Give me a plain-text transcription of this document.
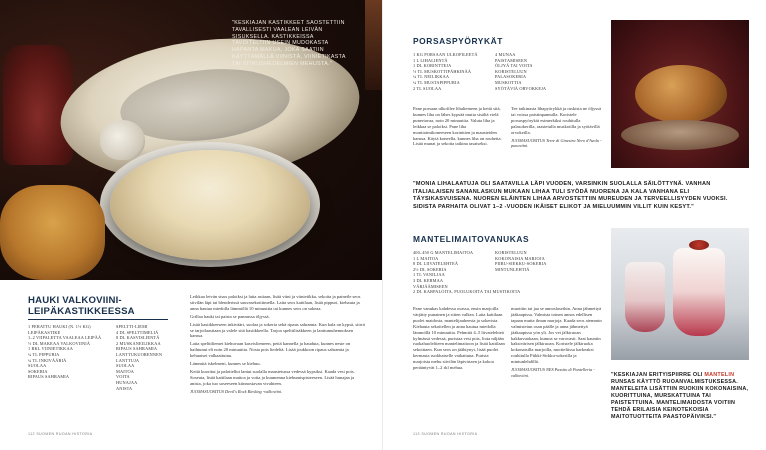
"KESKIAJAN KASTIKKEET SAOSTETTIIN TAVALLISESTI VAALEAN LEIVÄN SISUKSELLA. KASTIKKEISSA TAVOITELTIIN USEIN MUDOKASTA HAPANTA MAKUA, JOKA SAATIIN KÄYTTÄMÄLLÄ VIINISTÄ, VIINIETIKASTA TAI SITRUSHEDELMIEN MEHUSTA."
HAUKI VALKOVIINI-
LEIPÄKASTIKKEESSA
1 PERATTU HAUKI (N. 1½ KG)
LEIPÄKASTIKE
1–2 VIIPALETTA VAALEAA LEIPÄÄ
½ DL MAKEAA VALKOVIINIÄ
1 RKL VIINIETIKKAA
¼ TL PIPPURIA
¼ TL INKIVÄÄRIÄ
SUOLAA
SOKERIA
RIPAUS SAHRAMIA
SPELTTI-LIEMI
4 DL SPELTTIMELIÄ
8 DL KASVISLIENTÄ
2 MUSKANEILIKKAA
RIPAUS SAHRAMIA
LANTTUKUORENNEN
LANTTUJA
SUOLAA
MAITOA
VOITA
HUNAJAA
ANISTA

Leikkaa leivän sisus paloiksi ja laita astiaan, lisää viini ja viinietikka, sekoita ja paineile seos siivilän läpi tai blenderissä sauvasekoittimella. Laita seos kattilaan, lisää pippuri, kiehauta ja anna hautua miedolla lämmöllä 10 minuuttia tai kunnes seos on sakeaa.

Grillaa hauki tai paista se pannussa öljyssä.

Lisää kastikkeeseen inkivääri, suolaa ja sokeria sekä ripaus sahramia. Kun kala on kypsä, siirrä se tarjoilaastiaan ja valele sitä kastikkeella. Tarjoa spelttilisäkkeen ja lanttumuhennoksen kanssa.

Laita speltitliemet kiehuvaan kasvisliemeen, peitä kannella ja hauduta, kunnes neste on haihtunut eli noin 20 minuuttia. Nosta pois liedeltä. Lisää joukkoon ripaus sahramia ja kehuaiset valkaattuina.

Lämmitä iskelmeni, kunnes se kiehuu.

Keitä kuoritut ja paloitellut lantut suolalla maustetussa vedessä kypsiksi. Kaada vesi pois. Soseuta, lisää kattilaan maitoa ja voita ja kuumenna kiehumispisteeseen. Lisää hunajaa ja anista, joka tuo soseeseen kiinnostavan vivahteen.

JUOMASUOSITUS Devil's Rock Riesling -valkoviini.

112 SUOMEN RUOAN HISTORIA
PORSASPYÖRYKÄT
1 KG PORSAAN ULKOFILEETÄ
1 L LIHALIENTÄ
1 DL KORINTTEJA
½ TL MUSKOTTIPÄHKINÄÄ
¼ TL NEILIKKAA
¼ TL MUSTAPIPPURIA
2 TL SUOLAA
4 MUNAA
PAISTAMISEEN
ÖLJYÄ TAI VOITA
KORISTELUUN
PALASOKERIA
MUSKOTTIA
SYÖTÄVIÄ ORVOKKEJA

Pane porsaan ulkofilee lihaliemeen ja keitä sitä, kunnes liha on lähes kypsää mutta sisältä vielä punertavaa, noin 20 minuuttia. Valuta liha ja leikkaa se paloiksi. Pane liha monitoimikoneeseen korinttien ja mausteiden kanssa. Käytä koneella, kunnes liha on rouhetta. Lisää munat ja sekoita taikina tasaiseksi.

Tee taikinasta lihapyörykkä ja ruskista ne öljyssä tai voissa paistinpannulla. Koristele porsaspyörykät esimerkiksi rouhitulla palasokerilla, raastetulla muskotilla ja syötävillä orvokeilla.

JUOMASUOSITUS Terre di Ginestra Nero d'Avola -punaviini.

"MONIA LIHALAATUJA OLI SAATAVILLA LÄPI VUODEN, VARSINKIN SUOLALLA SÄILÖTTYNÄ. VANHAN ITALIALAISEN SANANLASKUN MUKAAN LIHAA TULI SYÖDÄ NUORENA JA KALA VANHANA ELI TÄYSIKASVUISENA. NUOREN ELÄINTEN LIHAA ARVOSTETTIIN MUREUDEN JA TERVEELLISYYDEN VUOKSI. SIDISTA PARHAITA OLIVAT 1–2 -VUODEN IKÄISET ELIKOT JA MIELUUMMIN VILLIT KUIN KESYT."
MANTELIMAITOVANUKAS
400–450 G MANTELIMAITOA
1 L MAITOA
8 DL LIIVATELEHTEÄ
2½ DL SOKERIA
1 TL VANILJAA
3 DL KERMAA
VÄRJÄÄMISEEN
2 DL KARPALOITA, PUOLUKOITA TAI MUSTIKOITA
KORISTELUUN
KOKONAISIA MARJOJA
PIIRU-SIEKKU-SOKERIA
MINTUNLEHTIÄ

Pane vanukas kahdessa osassa, ensin marjoilla värjätty punainen ja sitten valkea. Laita kattilaan puolet maidosta, mantelijauheesta ja sokerista. Kiehauta sekoitellen ja anna hautua miedolla lämmöllä 10 minuuttia. Pehmitä 4–5 liivatelehteä kylmässä vedessä, puristaa vesi pois, liota niljään ruokahuoleliteen mantelimaitoon ja lisää kattilaan sekoittaen. Kun seos on jäähtynyt, lisää puolet kermasta ruokhaiselle vatkattuna. Purista marjoista mehu siivilän läpivirtaen ja kokoa perääntyvät 1–2 rkl mehua.

muottiin tai jaa se annoslaseihin. Anna jähmettyä jääkaapissa. Valmista toinen annos edellisen tapaan mutta ilman marjoja. Kaada seos aiemmin valmistetun osan päälle ja anna jähmettyä jääkaapissa yön yli. Jos vet jälkiruoan kakkuvuokaan, kumoa se varovasti. Saat kauniin kaksivärisen jälkiruoan. Koristele jälkiruoka kokonaisilla marjoilla, mortteliissa karkeaksi rouhitulla Piikki-Sirkku-sokerilla ja mintunlehdillä.

JUOMASUOSITUS NES Passito di Pantelleria -valkoviini.	"KESKIAJAN ERITYISPIIRRE OLI MANTELIN RUNSAS KÄYTTÖ RUOANVALMISTUKSESSA. MANTELEITA LISÄTTIIN RUOKIIN KOKONAISINA, KUORITTUINA, MURSKATTUINA TAI PAISTETTUINA. MANTELIMAIDOSTA VOITIIN TEHDÄ ERILAISIA KEINOTEKOISIA MAITOTUOTTEITA PAASTOPÄIVIKSI."
113 SUOMEN RUOAN HISTORIA
